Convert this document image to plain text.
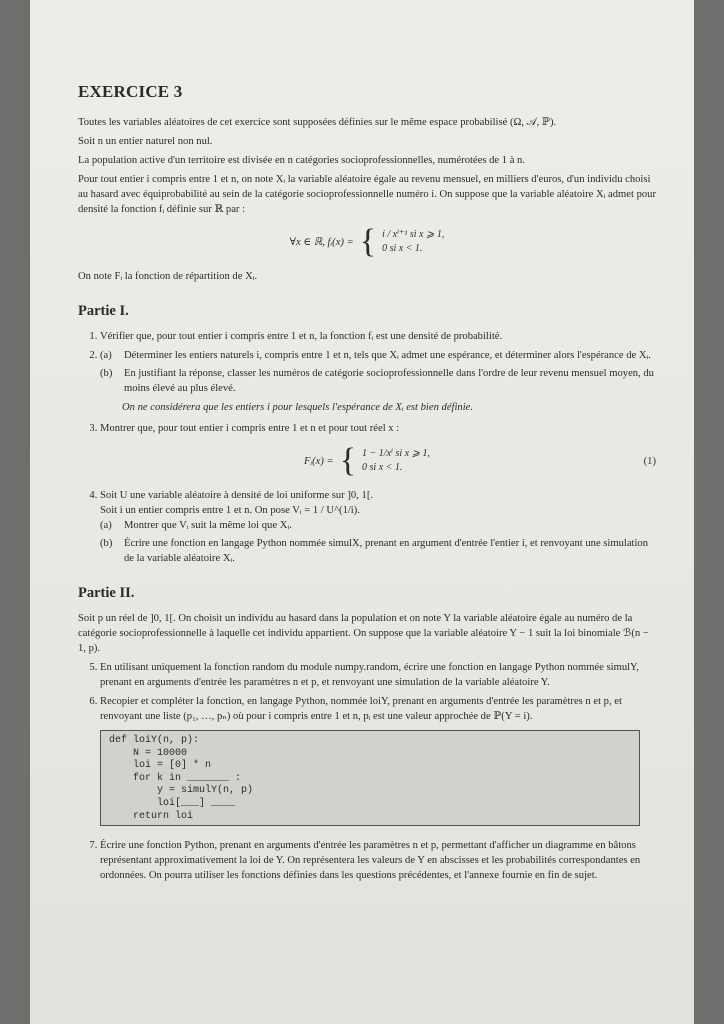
EXERCICE 3

Toutes les variables aléatoires de cet exercice sont supposées définies sur le même espace probabilisé (Ω, 𝒜, ℙ).

Soit n un entier naturel non nul.

La population active d'un territoire est divisée en n catégories socioprofessionnelles, numérotées de 1 à n.

Pour tout entier i compris entre 1 et n, on note Xᵢ la variable aléatoire égale au revenu mensuel, en milliers d'euros, d'un individu choisi au hasard avec équiprobabilité au sein de la catégorie socioprofessionnelle numéro i. On suppose que la variable aléatoire Xᵢ admet pour densité la fonction fᵢ définie sur ℝ par :

∀x ∈ ℝ, fᵢ(x) = { i / xⁱ⁺¹ si x ⩾ 1,
0 si x < 1.

On note Fᵢ la fonction de répartition de Xᵢ.

Partie I.
1. Vérifier que, pour tout entier i compris entre 1 et n, la fonction fᵢ est une densité de probabilité.
2. (a)	Déterminer les entiers naturels i, compris entre 1 et n, tels que Xᵢ admet une espérance, et déterminer alors l'espérance de Xᵢ.
(b)	En justifiant la réponse, classer les numéros de catégorie socioprofessionnelle dans l'ordre de leur revenu mensuel moyen, du moins élevé au plus élevé.
On ne considérera que les entiers i pour lesquels l'espérance de Xᵢ est bien définie.
3. Montrer que, pour tout entier i compris entre 1 et n et pour tout réel x :
Fᵢ(x) = { 1 − 1/xⁱ si x ⩾ 1,
0 si x < 1.
(1)
4. Soit U une variable aléatoire à densité de loi uniforme sur ]0, 1[.
Soit i un entier compris entre 1 et n. On pose Vᵢ = 1 / U^(1/i).
(a)	Montrer que Vᵢ suit la même loi que Xᵢ.
(b)	Écrire une fonction en langage Python nommée simulX, prenant en argument d'entrée l'entier i, et renvoyant une simulation de la variable aléatoire Xᵢ.
Partie II.

Soit p un réel de ]0, 1[. On choisit un individu au hasard dans la population et on note Y la variable aléatoire égale au numéro de la catégorie socioprofessionnelle à laquelle cet individu appartient. On suppose que la variable aléatoire Y − 1 suit la loi binomiale ℬ(n − 1, p).

5. En utilisant uniquement la fonction random du module numpy.random, écrire une fonction en langage Python nommée simulY, prenant en arguments d'entrée les paramètres n et p, et renvoyant une simulation de la variable aléatoire Y.
6. Recopier et compléter la fonction, en langage Python, nommée loiY, prenant en arguments d'entrée les paramètres n et p, et renvoyant une liste (p₁, …, pₙ) où pour i compris entre 1 et n, pᵢ est une valeur approchée de ℙ(Y = i).
def loiY(n, p):
N = 10000
loi = [0] * n
for k in _______ :
y = simulY(n, p)
loi[___] ____
return loi
7. Écrire une fonction Python, prenant en arguments d'entrée les paramètres n et p, permettant d'afficher un diagramme en bâtons représentant approximativement la loi de Y. On représentera les valeurs de Y en abscisses et les probabilités correspondantes en ordonnées. On pourra utiliser les fonctions définies dans les questions précédentes, et l'annexe fournie en fin de sujet.
